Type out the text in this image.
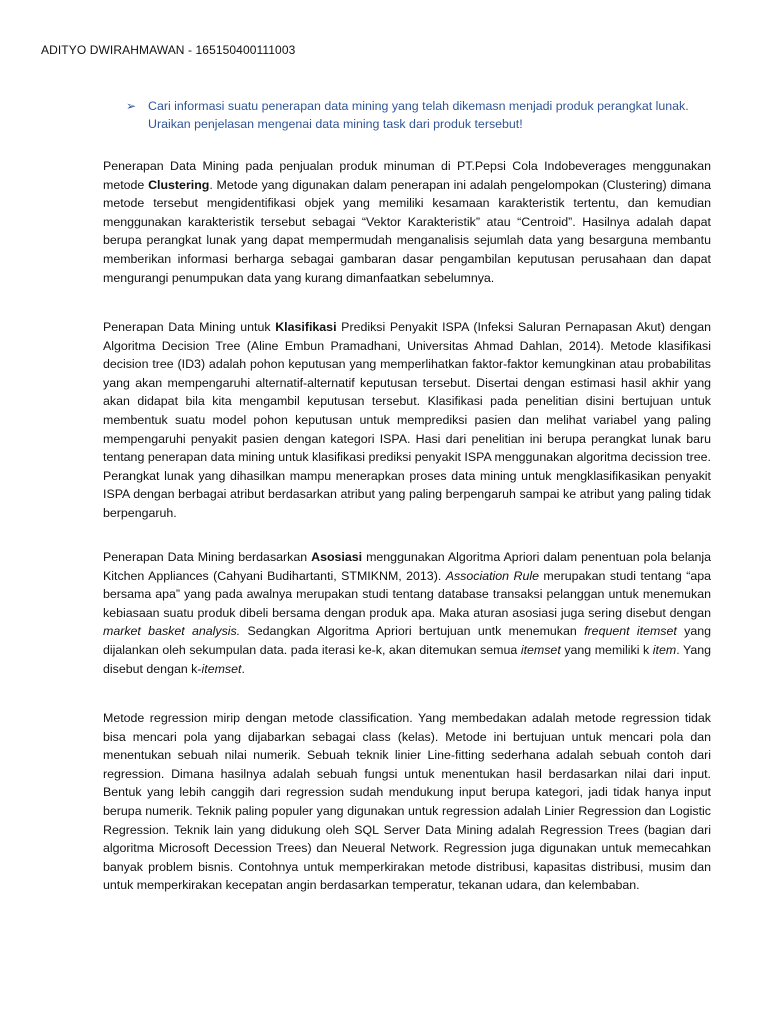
ADITYO DWIRAHMAWAN - 165150400111003
➢ Cari informasi suatu penerapan data mining yang telah dikemasn menjadi produk perangkat lunak. Uraikan penjelasan mengenai data mining task dari produk tersebut!
Penerapan Data Mining pada penjualan produk minuman di PT.Pepsi Cola Indobeverages menggunakan metode Clustering. Metode yang digunakan dalam penerapan ini adalah pengelompokan (Clustering) dimana metode tersebut mengidentifikasi objek yang memiliki kesamaan karakteristik tertentu, dan kemudian menggunakan karakteristik tersebut sebagai “Vektor Karakteristik” atau “Centroid”. Hasilnya adalah dapat berupa perangkat lunak yang dapat mempermudah menganalisis sejumlah data yang besarguna membantu memberikan informasi berharga sebagai gambaran dasar pengambilan keputusan perusahaan dan dapat mengurangi penumpukan data yang kurang dimanfaatkan sebelumnya.
Penerapan Data Mining untuk Klasifikasi Prediksi Penyakit ISPA (Infeksi Saluran Pernapasan Akut) dengan Algoritma Decision Tree (Aline Embun Pramadhani, Universitas Ahmad Dahlan, 2014). Metode klasifikasi decision tree (ID3) adalah pohon keputusan yang memperlihatkan faktor-faktor kemungkinan atau probabilitas yang akan mempengaruhi alternatif-alternatif keputusan tersebut. Disertai dengan estimasi hasil akhir yang akan didapat bila kita mengambil keputusan tersebut. Klasifikasi pada penelitian disini bertujuan untuk membentuk suatu model pohon keputusan untuk memprediksi pasien dan melihat variabel yang paling mempengaruhi penyakit pasien dengan kategori ISPA. Hasi dari penelitian ini berupa perangkat lunak baru tentang penerapan data mining untuk klasifikasi prediksi penyakit ISPA menggunakan algoritma decission tree. Perangkat lunak yang dihasilkan mampu menerapkan proses data mining untuk mengklasifikasikan penyakit ISPA dengan berbagai atribut berdasarkan atribut yang paling berpengaruh sampai ke atribut yang paling tidak berpengaruh.
Penerapan Data Mining berdasarkan Asosiasi menggunakan Algoritma Apriori dalam penentuan pola belanja Kitchen Appliances (Cahyani Budihartanti, STMIKNM, 2013). Association Rule merupakan studi tentang “apa bersama apa” yang pada awalnya merupakan studi tentang database transaksi pelanggan untuk menemukan kebiasaan suatu produk dibeli bersama dengan produk apa. Maka aturan asosiasi juga sering disebut dengan market basket analysis. Sedangkan Algoritma Apriori bertujuan untk menemukan frequent itemset yang dijalankan oleh sekumpulan data. pada iterasi ke-k, akan ditemukan semua itemset yang memiliki k item. Yang disebut dengan k-itemset.
Metode regression mirip dengan metode classification. Yang membedakan adalah metode regression tidak bisa mencari pola yang dijabarkan sebagai class (kelas). Metode ini bertujuan untuk mencari pola dan menentukan sebuah nilai numerik. Sebuah teknik linier Line-fitting sederhana adalah sebuah contoh dari regression. Dimana hasilnya adalah sebuah fungsi untuk menentukan hasil berdasarkan nilai dari input. Bentuk yang lebih canggih dari regression sudah mendukung input berupa kategori, jadi tidak hanya input berupa numerik. Teknik paling populer yang digunakan untuk regression adalah Linier Regression dan Logistic Regression. Teknik lain yang didukung oleh SQL Server Data Mining adalah Regression Trees (bagian dari algoritma Microsoft Decession Trees) dan Neueral Network. Regression juga digunakan untuk memecahkan banyak problem bisnis. Contohnya untuk memperkirakan metode distribusi, kapasitas distribusi, musim dan untuk memperkirakan kecepatan angin berdasarkan temperatur, tekanan udara, dan kelembaban.
